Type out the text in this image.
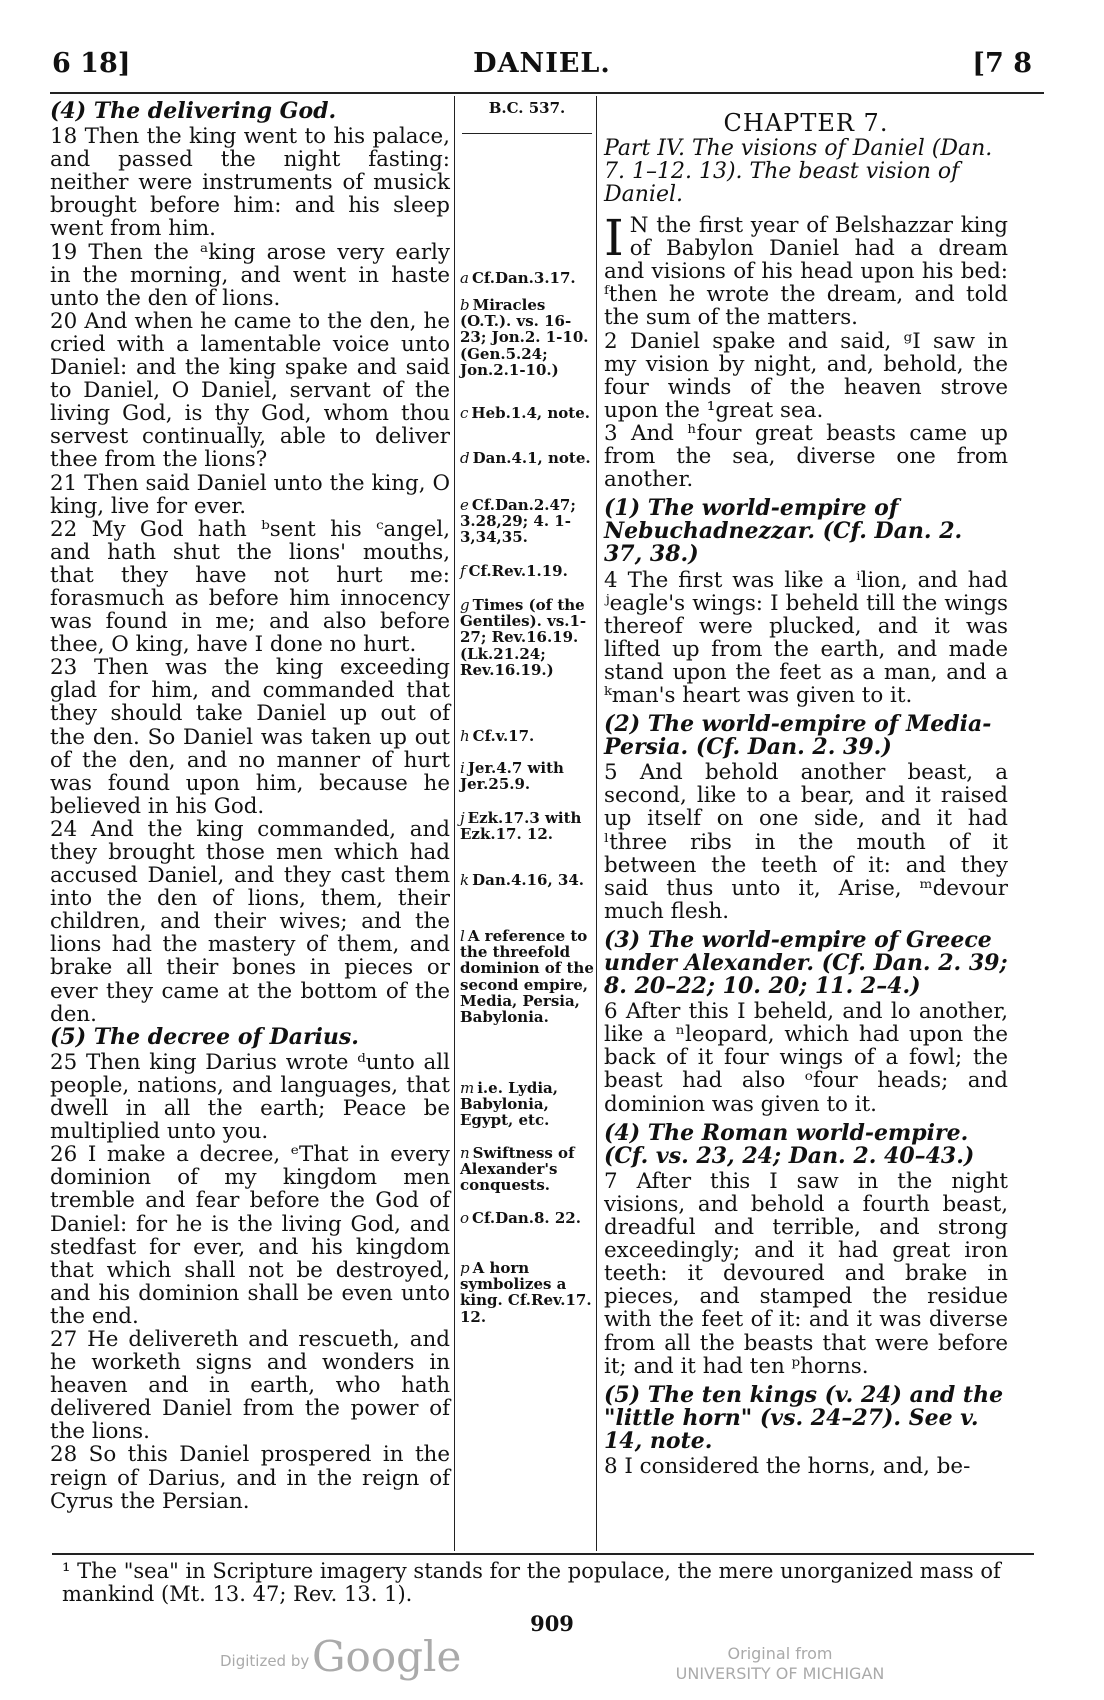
6 18]	DANIEL.	[7 8
(4) The delivering God.

18 Then the king went to his palace, and passed the night fasting: neither were instruments of musick brought before him: and his sleep went from him.

19 Then the ᵃking arose very early in the morning, and went in haste unto the den of lions.

20 And when he came to the den, he cried with a lamentable voice unto Daniel: and the king spake and said to Daniel, O Daniel, servant of the living God, is thy God, whom thou servest continually, able to deliver thee from the lions?

21 Then said Daniel unto the king, O king, live for ever.

22 My God hath ᵇsent his ᶜangel, and hath shut the lions' mouths, that they have not hurt me: forasmuch as before him innocency was found in me; and also before thee, O king, have I done no hurt.

23 Then was the king exceeding glad for him, and commanded that they should take Daniel up out of the den. So Daniel was taken up out of the den, and no manner of hurt was found upon him, because he believed in his God.

24 And the king commanded, and they brought those men which had accused Daniel, and they cast them into the den of lions, them, their children, and their wives; and the lions had the mastery of them, and brake all their bones in pieces or ever they came at the bottom of the den.

(5) The decree of Darius.

25 Then king Darius wrote ᵈunto all people, nations, and languages, that dwell in all the earth; Peace be multiplied unto you.

26 I make a decree, ᵉThat in every dominion of my kingdom men tremble and fear before the God of Daniel: for he is the living God, and stedfast for ever, and his kingdom that which shall not be destroyed, and his dominion shall be even unto the end.

27 He delivereth and rescueth, and he worketh signs and wonders in heaven and in earth, who hath delivered Daniel from the power of the lions.

28 So this Daniel prospered in the reign of Darius, and in the reign of Cyrus the Persian.

B.C. 537.
a Cf.Dan.3.17.
b Miracles (O.T.). vs. 16-23; Jon.2. 1-10. (Gen.5.24; Jon.2.1-10.)
c Heb.1.4, note.
d Dan.4.1, note.
e Cf.Dan.2.47; 3.28,29; 4. 1-3,34,35.
f Cf.Rev.1.19.
g Times (of the Gentiles). vs.1-27; Rev.16.19. (Lk.21.24; Rev.16.19.)
h Cf.v.17.
i Jer.4.7 with Jer.25.9.
j Ezk.17.3 with Ezk.17. 12.
k Dan.4.16, 34.
l A reference to the threefold dominion of the second empire, Media, Persia, Babylonia.
m i.e. Lydia, Babylonia, Egypt, etc.
n Swiftness of Alexander's conquests.
o Cf.Dan.8. 22.
p A horn symbolizes a king. Cf.Rev.17. 12.
CHAPTER 7.
Part IV. The visions of Daniel (Dan. 7. 1–12. 13). The beast vision of Daniel.

I N the first year of Belshazzar king of Babylon Daniel had a dream and visions of his head upon his bed: ᶠthen he wrote the dream, and told the sum of the matters.

2 Daniel spake and said, ᵍI saw in my vision by night, and, behold, the four winds of the heaven strove upon the ¹great sea.

3 And ʰfour great beasts came up from the sea, diverse one from another.

(1) The world-empire of Nebuchadnezzar. (Cf. Dan. 2. 37, 38.)

4 The first was like a ⁱlion, and had ʲeagle's wings: I beheld till the wings thereof were plucked, and it was lifted up from the earth, and made stand upon the feet as a man, and a ᵏman's heart was given to it.

(2) The world-empire of Media-Persia. (Cf. Dan. 2. 39.)

5 And behold another beast, a second, like to a bear, and it raised up itself on one side, and it had ˡthree ribs in the mouth of it between the teeth of it: and they said thus unto it, Arise, ᵐdevour much flesh.

(3) The world-empire of Greece under Alexander. (Cf. Dan. 2. 39; 8. 20–22; 10. 20; 11. 2–4.)

6 After this I beheld, and lo another, like a ⁿleopard, which had upon the back of it four wings of a fowl; the beast had also ᵒfour heads; and dominion was given to it.

(4) The Roman world-empire. (Cf. vs. 23, 24; Dan. 2. 40–43.)

7 After this I saw in the night visions, and behold a fourth beast, dreadful and terrible, and strong exceedingly; and it had great iron teeth: it devoured and brake in pieces, and stamped the residue with the feet of it: and it was diverse from all the beasts that were before it; and it had ten ᵖhorns.

(5) The ten kings (v. 24) and the "little horn" (vs. 24–27). See v. 14, note.

8 I considered the horns, and, be-

¹ The "sea" in Scripture imagery stands for the populace, the mere unorganized mass of mankind (Mt. 13. 47; Rev. 13. 1).
909
Digitized by Google	Original from
UNIVERSITY OF MICHIGAN
